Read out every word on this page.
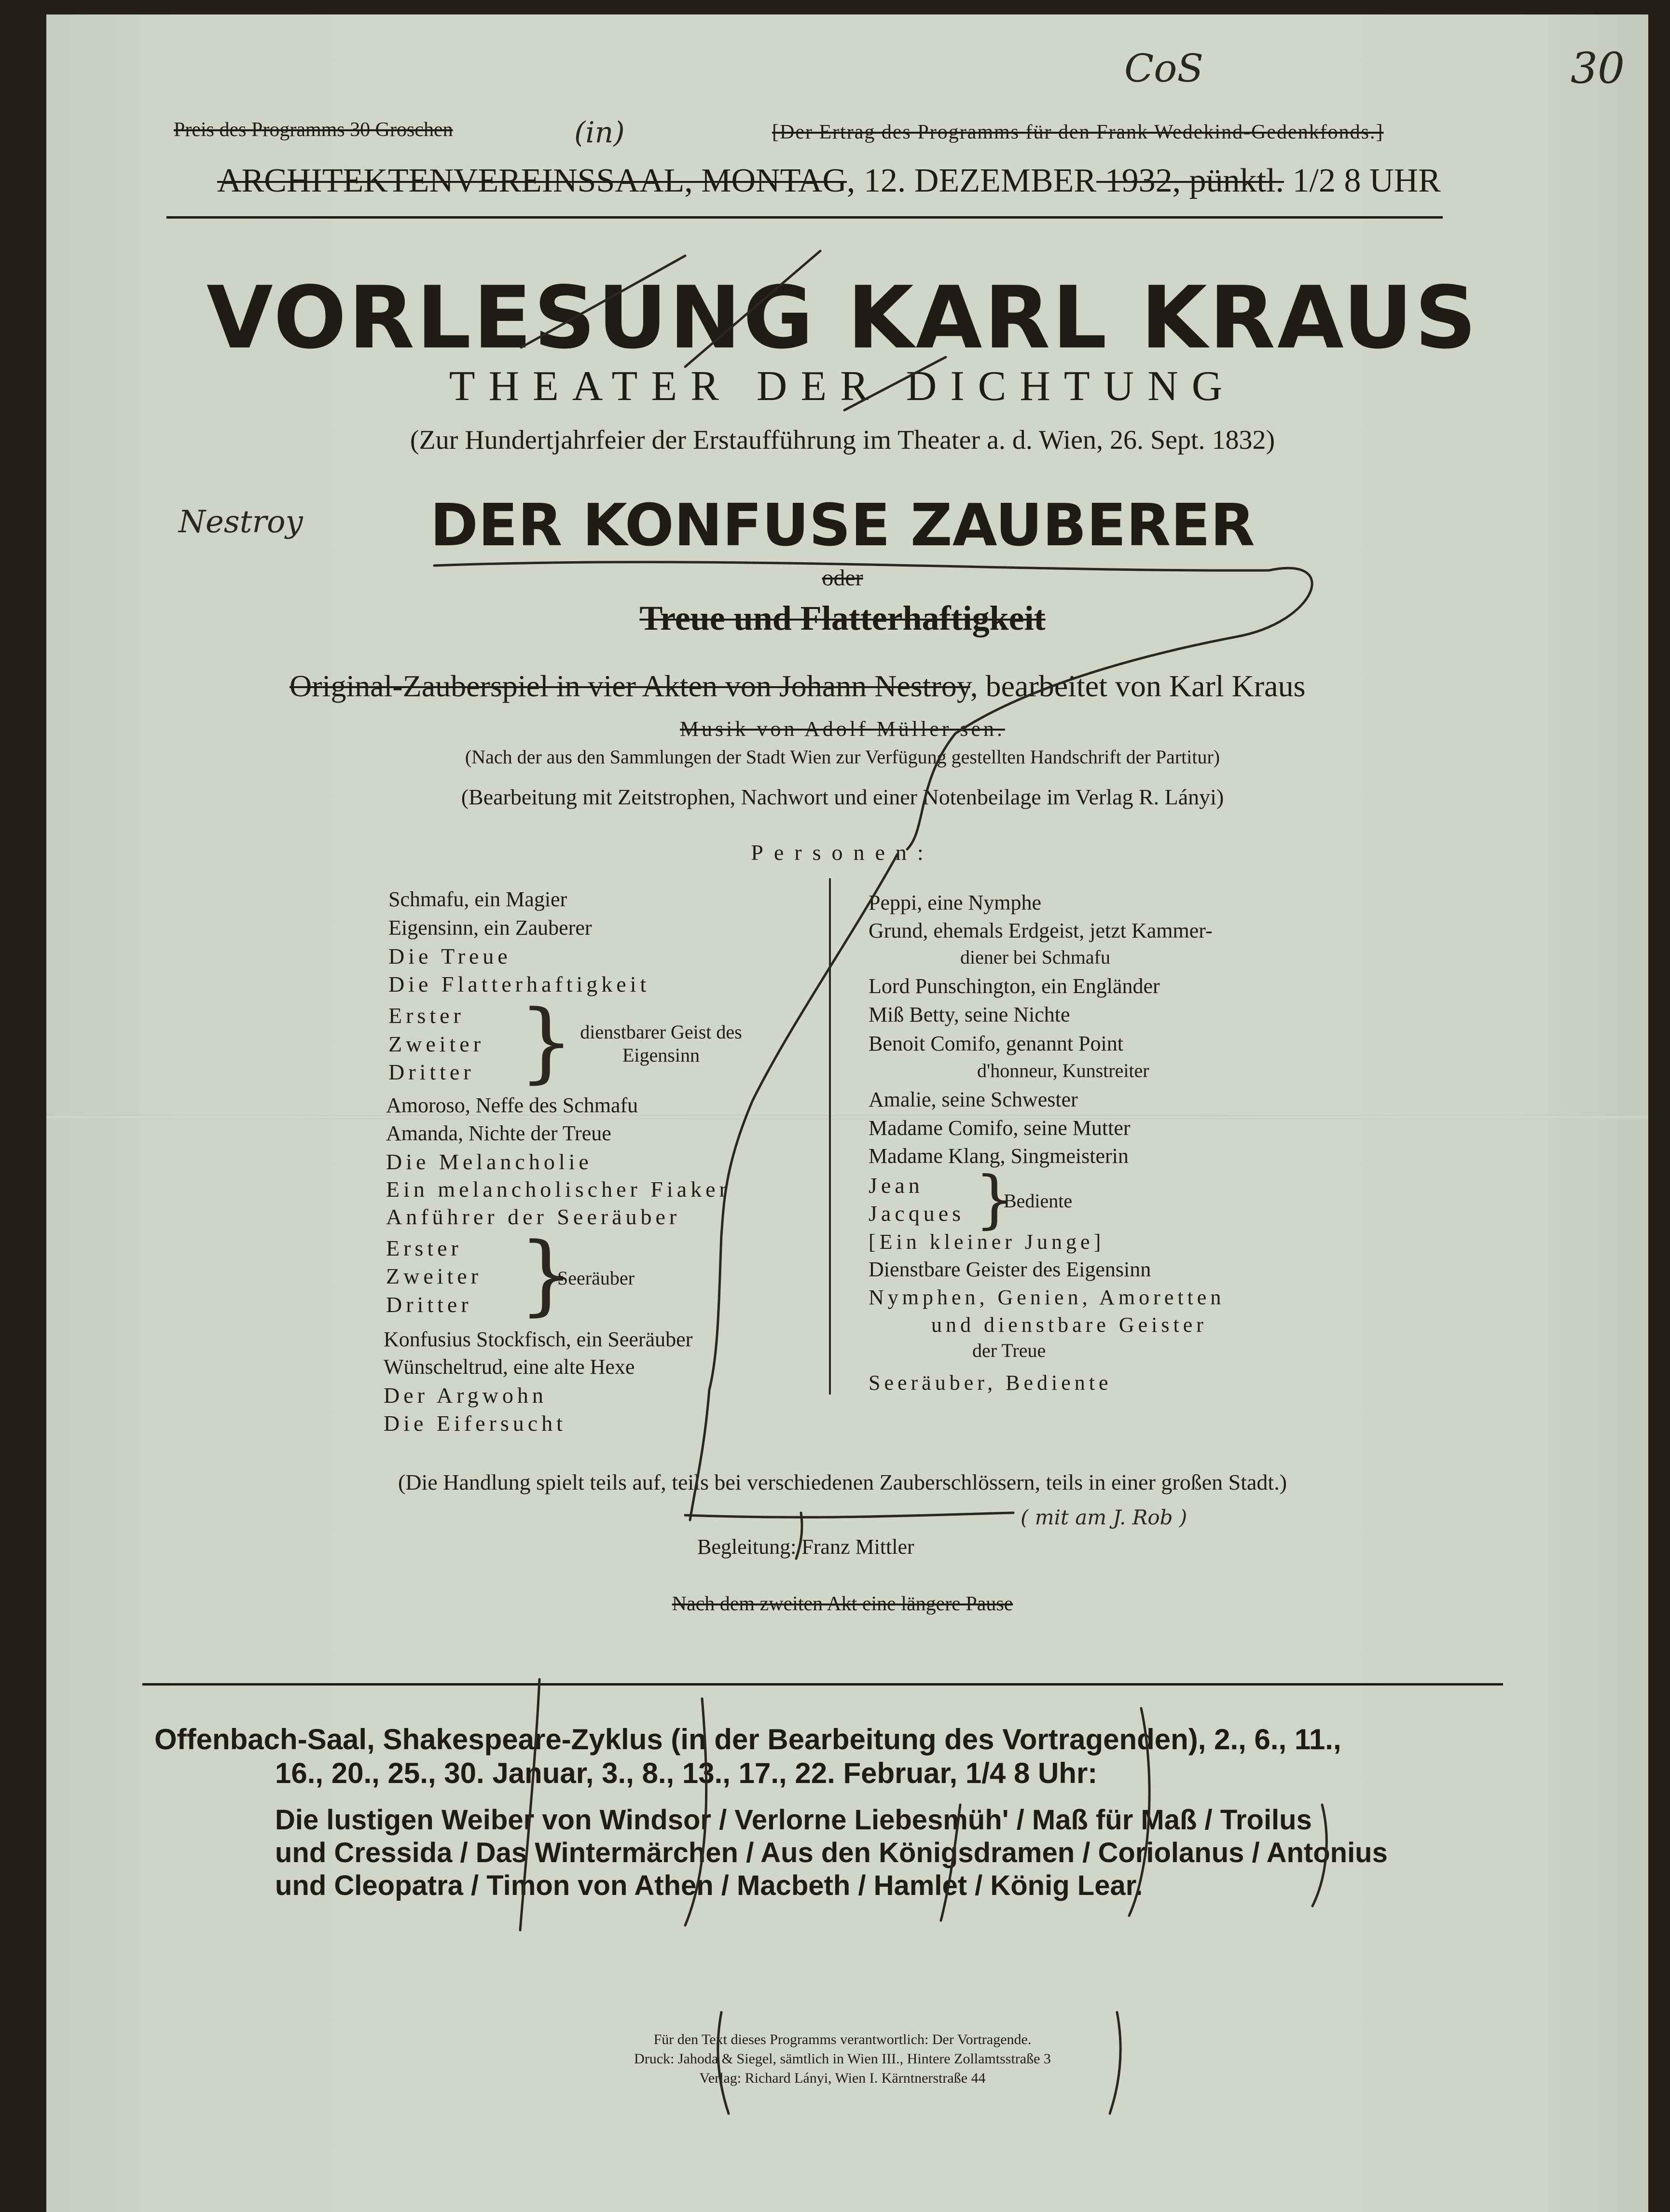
30
CoS
(in)
Nestroy
( mit am J. Rob )
Preis des Programms 30 Groschen	[Der Ertrag des Programms für den Frank Wedekind-Gedenkfonds.]
ARCHITEKTENVEREINSSAAL, MONTAG, 12. DEZEMBER 1932, pünktl. 1/2 8 UHR
VORLESUNG KARL KRAUS
THEATER DER DICHTUNG
(Zur Hundertjahrfeier der Erstaufführung im Theater a. d. Wien, 26. Sept. 1832)
DER KONFUSE ZAUBERER
oder
Treue und Flatterhaftigkeit
Original-Zauberspiel in vier Akten von Johann Nestroy, bearbeitet von Karl Kraus
Musik von Adolf Müller sen.
(Nach der aus den Sammlungen der Stadt Wien zur Verfügung gestellten Handschrift der Partitur)
(Bearbeitung mit Zeitstrophen, Nachwort und einer Notenbeilage im Verlag R. Lányi)
Personen:
Schmafu, ein Magier
Eigensinn, ein Zauberer
Die Treue
Die Flatterhaftigkeit
Erster
Zweiter
Dritter } dienstbarer Geist des
Eigensinn
Amoroso, Neffe des Schmafu
Amanda, Nichte der Treue
Die Melancholie
Ein melancholischer Fiaker
Anführer der Seeräuber
Erster
Zweiter
Dritter }
Seeräuber
Konfusius Stockfisch, ein Seeräuber
Wünscheltrud, eine alte Hexe
Der Argwohn
Die Eifersucht
Peppi, eine Nymphe
Grund, ehemals Erdgeist, jetzt Kammer-
diener bei Schmafu
Lord Punschington, ein Engländer
Miß Betty, seine Nichte
Benoit Comifo, genannt Point
d'honneur, Kunstreiter
Amalie, seine Schwester
Madame Comifo, seine Mutter
Madame Klang, Singmeisterin
Jean
Jacques }
Bediente
[Ein kleiner Junge]
Dienstbare Geister des Eigensinn
Nymphen, Genien, Amoretten
und dienstbare Geister
der Treue
Seeräuber, Bediente
(Die Handlung spielt teils auf, teils bei verschiedenen Zauberschlössern, teils in einer großen Stadt.)
Begleitung: Franz Mittler
Nach dem zweiten Akt eine längere Pause
Offenbach-Saal, Shakespeare-Zyklus (in der Bearbeitung des Vortragenden), 2., 6., 11.,
16., 20., 25., 30. Januar, 3., 8., 13., 17., 22. Februar, 1/4 8 Uhr:
Die lustigen Weiber von Windsor / Verlorne Liebesmüh' / Maß für Maß / Troilus
und Cressida / Das Wintermärchen / Aus den Königsdramen / Coriolanus / Antonius
und Cleopatra / Timon von Athen / Macbeth / Hamlet / König Lear.
Für den Text dieses Programms verantwortlich: Der Vortragende.
Druck: Jahoda & Siegel, sämtlich in Wien III., Hintere Zollamtsstraße 3
Verlag: Richard Lányi, Wien I. Kärntnerstraße 44
